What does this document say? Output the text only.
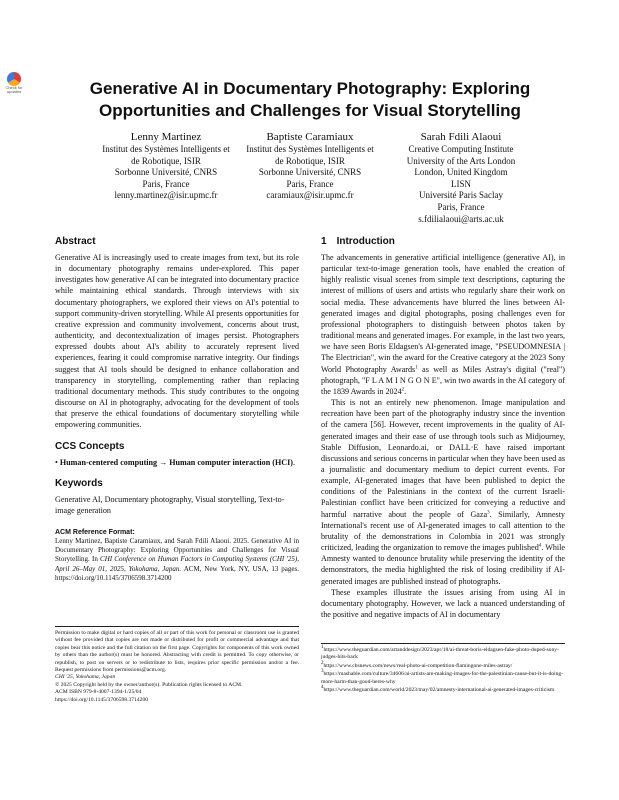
Check for
updates	Generative AI in Documentary Photography: Exploring Opportunities and Challenges for Visual Storytelling
Lenny Martinez
Institut des Systèmes Intelligents et
de Robotique, ISIR
Sorbonne Université, CNRS
Paris, France
lenny.martinez@isir.upmc.fr
Baptiste Caramiaux
Institut des Systèmes Intelligents et
de Robotique, ISIR
Sorbonne Université, CNRS
Paris, France
caramiaux@isir.upmc.fr
Sarah Fdili Alaoui
Creative Computing Institute
University of the Arts London
London, United Kingdom
LISN
Université Paris Saclay
Paris, France
s.fdilialaoui@arts.ac.uk
Abstract

Generative AI is increasingly used to create images from text, but its role in documentary photography remains under-explored. This paper investigates how generative AI can be integrated into documentary practice while maintaining ethical standards. Through interviews with six documentary photographers, we explored their views on AI's potential to support community-driven storytelling. While AI presents opportunities for creative expression and community involvement, concerns about trust, authenticity, and decontextualization of images persist. Photographers expressed doubts about AI's ability to accurately represent lived experiences, fearing it could compromise narrative integrity. Our findings suggest that AI tools should be designed to enhance collaboration and transparency in storytelling, complementing rather than replacing traditional documentary methods. This study contributes to the ongoing discourse on AI in photography, advocating for the development of tools that preserve the ethical foundations of documentary storytelling while empowering communities.

CCS Concepts
• Human-centered computing → Human computer interaction (HCI).
Keywords

Generative AI, Documentary photography, Visual storytelling, Text-to-image generation

ACM Reference Format:
Lenny Martinez, Baptiste Caramiaux, and Sarah Fdili Alaoui. 2025. Generative AI in Documentary Photography: Exploring Opportunities and Challenges for Visual Storytelling. In CHI Conference on Human Factors in Computing Systems (CHI '25), April 26–May 01, 2025, Yokohama, Japan. ACM, New York, NY, USA, 13 pages. https://doi.org/10.1145/3706598.3714200
Permission to make digital or hard copies of all or part of this work for personal or classroom use is granted without fee provided that copies are not made or distributed for profit or commercial advantage and that copies bear this notice and the full citation on the first page. Copyrights for components of this work owned by others than the author(s) must be honored. Abstracting with credit is permitted. To copy otherwise, or republish, to post on servers or to redistribute to lists, requires prior specific permission and/or a fee. Request permissions from permissions@acm.org.
CHI '25, Yokohama, Japan
© 2025 Copyright held by the owner/author(s). Publication rights licensed to ACM.
ACM ISBN 979-8-4007-1394-1/25/04
https://doi.org/10.1145/3706598.3714200
1 Introduction

The advancements in generative artificial intelligence (generative AI), in particular text-to-image generation tools, have enabled the creation of highly realistic visual scenes from simple text descriptions, capturing the interest of millions of users and artists who regularly share their work on social media. These advancements have blurred the lines between AI-generated images and digital photographs, posing challenges even for professional photographers to distinguish between photos taken by traditional means and generated images. For example, in the last two years, we have seen Boris Eldagsen's AI-generated image, "PSEUDOMNESIA | The Electrician", win the award for the Creative category at the 2023 Sony World Photography Awards$^1$ as well as Miles Astray's digital ("real") photograph, "F L A M I N G O N E", win two awards in the AI category of the 1839 Awards in 2024$^2$.

This is not an entirely new phenomenon. Image manipulation and recreation have been part of the photography industry since the invention of the camera [56]. However, recent improvements in the quality of AI-generated images and their ease of use through tools such as Midjourney, Stable Diffusion, Leonardo.ai, or DALL·E have raised important discussions and serious concerns in particular when they have been used as a journalistic and documentary medium to depict current events. For example, AI-generated images that have been published to depict the conditions of the Palestinians in the context of the current Israeli-Palestinian conflict have been criticized for conveying a reductive and harmful narrative about the people of Gaza$^3$. Similarly, Amnesty International's recent use of AI-generated images to call attention to the brutality of the demonstrations in Colombia in 2021 was strongly criticized, leading the organization to remove the images published$^4$. While Amnesty wanted to denounce brutality while preserving the identity of the demonstrators, the media highlighted the risk of losing credibility if AI-generated images are published instead of photographs.

These examples illustrate the issues arising from using AI in documentary photography. However, we lack a nuanced understanding of the positive and negative impacts of AI in documentary

$^1$https://www.theguardian.com/artanddesign/2023/apr/18/ai-threat-boris-eldagsen-fake-photo-duped-sony-judges-hits-back
$^2$https://www.cbsnews.com/news/real-photo-ai-competition-flamingone-miles-astray/
$^3$https://mashable.com/culture/34606/ai-artists-are-making-images-for-the-palestinian-cause-but-it-is-doing-more-harm-than-good-heres-why
$^4$https://www.theguardian.com/world/2023/may/02/amnesty-international-ai-generated-images-criticism
